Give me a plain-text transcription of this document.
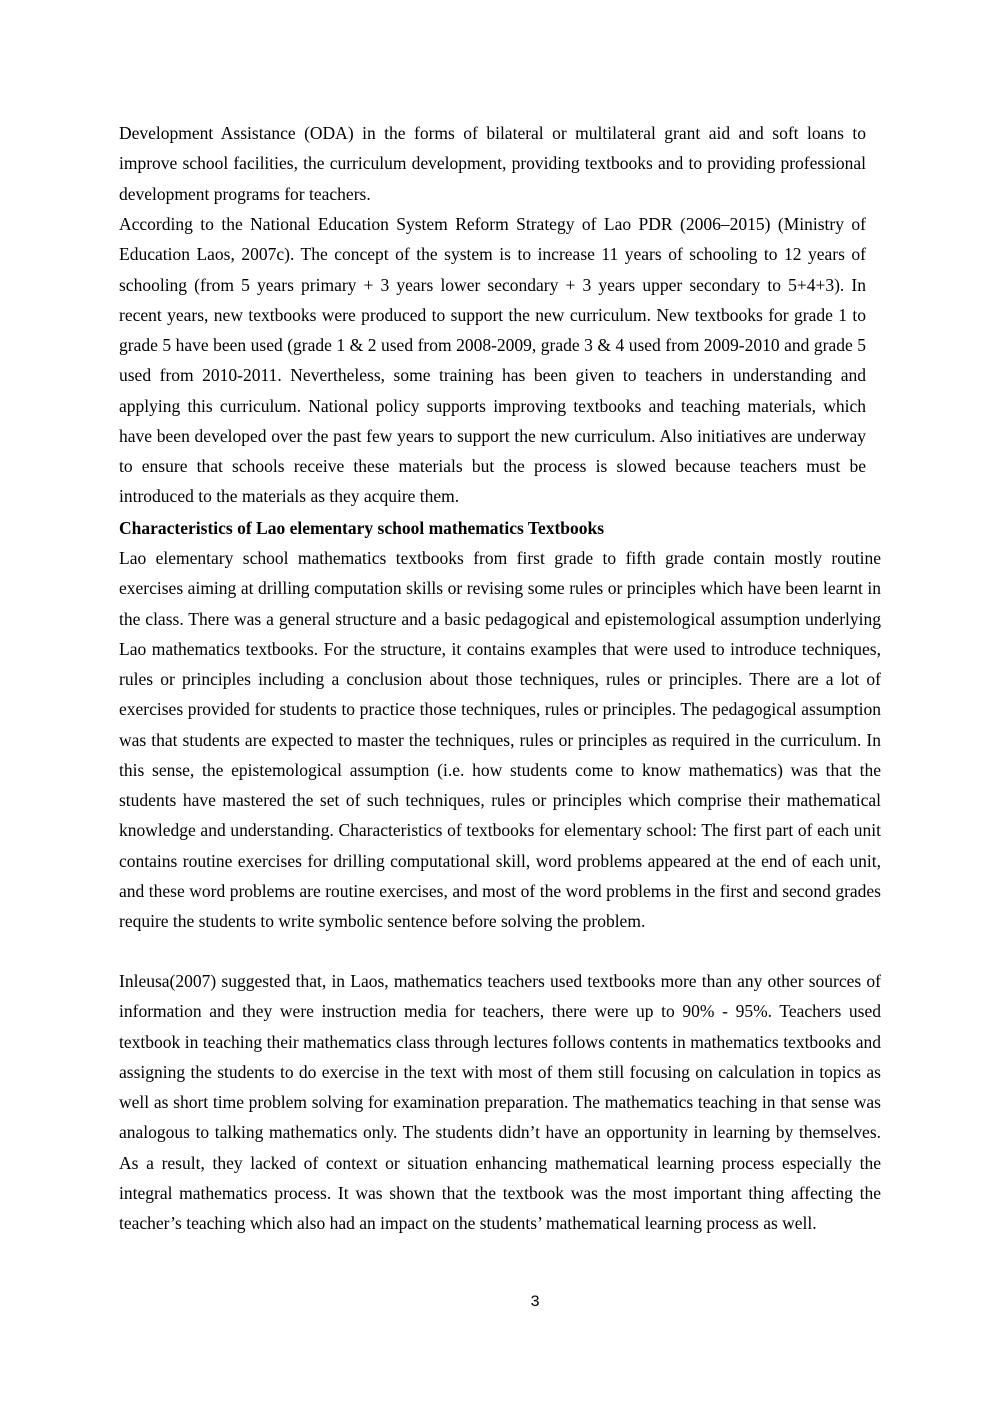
Development Assistance (ODA) in the forms of bilateral or multilateral grant aid and soft loans to improve school facilities, the curriculum development, providing textbooks and to providing professional development programs for teachers.

According to the National Education System Reform Strategy of Lao PDR (2006–2015) (Ministry of Education Laos, 2007c). The concept of the system is to increase 11 years of schooling to 12 years of schooling (from 5 years primary + 3 years lower secondary + 3 years upper secondary to 5+4+3). In recent years, new textbooks were produced to support the new curriculum. New textbooks for grade 1 to grade 5 have been used (grade 1 & 2 used from 2008-2009, grade 3 & 4 used from 2009-2010 and grade 5 used from 2010-2011. Nevertheless, some training has been given to teachers in understanding and applying this curriculum. National policy supports improving textbooks and teaching materials, which have been developed over the past few years to support the new curriculum. Also initiatives are underway to ensure that schools receive these materials but the process is slowed because teachers must be introduced to the materials as they acquire them.

Characteristics of Lao elementary school mathematics Textbooks

Lao elementary school mathematics textbooks from first grade to fifth grade contain mostly routine exercises aiming at drilling computation skills or revising some rules or principles which have been learnt in the class. There was a general structure and a basic pedagogical and epistemological assumption underlying Lao mathematics textbooks. For the structure, it contains examples that were used to introduce techniques, rules or principles including a conclusion about those techniques, rules or principles. There are a lot of exercises provided for students to practice those techniques, rules or principles. The pedagogical assumption was that students are expected to master the techniques, rules or principles as required in the curriculum. In this sense, the epistemological assumption (i.e. how students come to know mathematics) was that the students have mastered the set of such techniques, rules or principles which comprise their mathematical knowledge and understanding. Characteristics of textbooks for elementary school: The first part of each unit contains routine exercises for drilling computational skill, word problems appeared at the end of each unit, and these word problems are routine exercises, and most of the word problems in the first and second grades require the students to write symbolic sentence before solving the problem.

Inleusa(2007) suggested that, in Laos, mathematics teachers used textbooks more than any other sources of information and they were instruction media for teachers, there were up to 90% - 95%. Teachers used textbook in teaching their mathematics class through lectures follows contents in mathematics textbooks and assigning the students to do exercise in the text with most of them still focusing on calculation in topics as well as short time problem solving for examination preparation. The mathematics teaching in that sense was analogous to talking mathematics only. The students didn’t have an opportunity in learning by themselves. As a result, they lacked of context or situation enhancing mathematical learning process especially the integral mathematics process. It was shown that the textbook was the most important thing affecting the teacher’s teaching which also had an impact on the students’ mathematical learning process as well.

3
